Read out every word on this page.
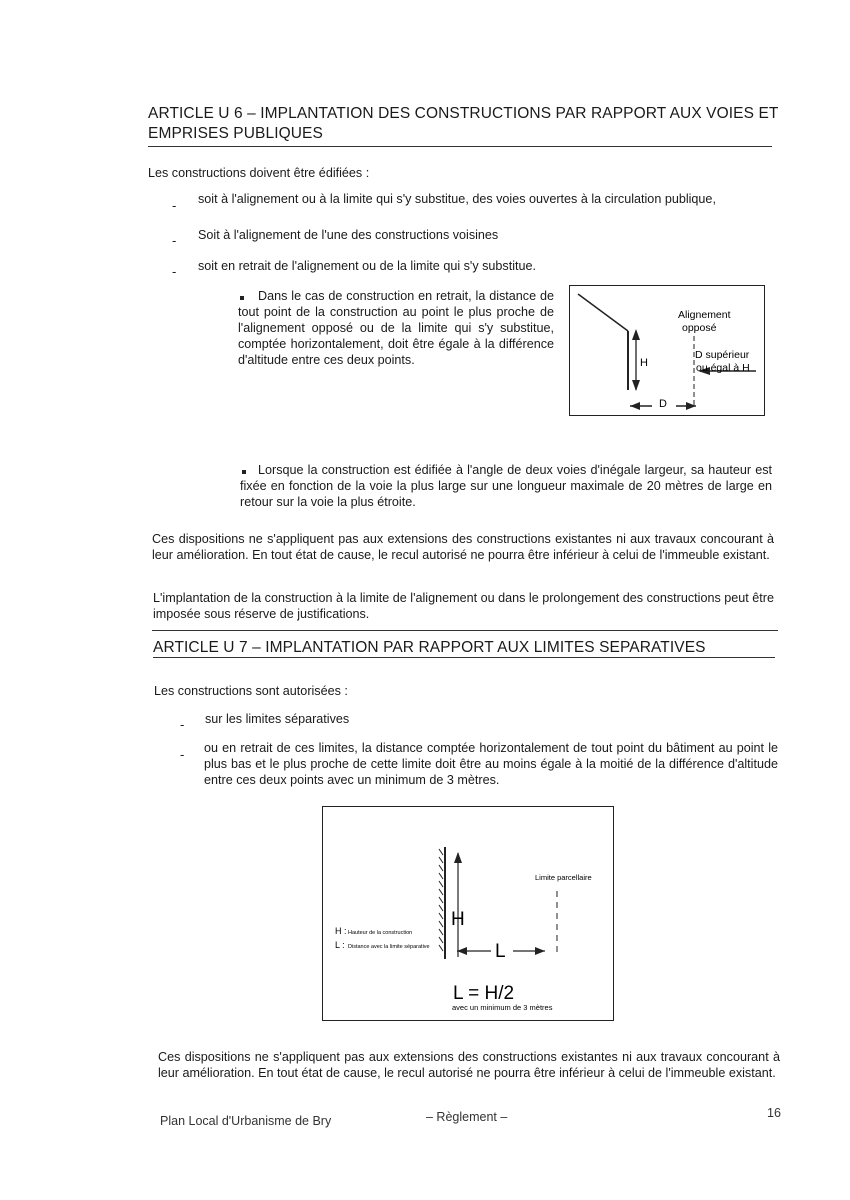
ARTICLE U 6 – IMPLANTATION DES CONSTRUCTIONS PAR RAPPORT AUX VOIES ET
EMPRISES PUBLIQUES
Les constructions doivent être édifiées :
- soit à l'alignement ou à la limite qui s'y substitue, des voies ouvertes à la circulation publique,
- Soit à l'alignement de l'une des constructions voisines
- soit en retrait de l'alignement ou de la limite qui s'y substitue.
Dans le cas de construction en retrait, la distance de tout point de la construction au point le plus proche de l'alignement opposé ou de la limite qui s'y substitue, comptée horizontalement, doit être égale à la différence d'altitude entre ces deux points.
Alignement
opposé
H
D supérieur
ou égal à H
D
Lorsque la construction est édifiée à l'angle de deux voies d'inégale largeur, sa hauteur est fixée en fonction de la voie la plus large sur une longueur maximale de 20 mètres de large en retour sur la voie la plus étroite.
Ces dispositions ne s'appliquent pas aux extensions des constructions existantes ni aux travaux concourant à leur amélioration. En tout état de cause, le recul autorisé ne pourra être inférieur à celui de l'immeuble existant.
L'implantation de la construction à la limite de l'alignement ou dans le prolongement des constructions peut être imposée sous réserve de justifications.
ARTICLE U 7 – IMPLANTATION PAR RAPPORT AUX LIMITES SEPARATIVES
Les constructions sont autorisées :
- sur les limites séparatives
- ou en retrait de ces limites, la distance comptée horizontalement de tout point du bâtiment au point le plus bas et le plus proche de cette limite doit être au moins égale à la moitié de la différence d'altitude entre ces deux points avec un minimum de 3 mètres.
Limite parcellaire
H
H : Hauteur de la construction
L : Distance avec la limite séparative	L
L = H/2
avec un minimum de 3 mètres
Ces dispositions ne s'appliquent pas aux extensions des constructions existantes ni aux travaux concourant à leur amélioration. En tout état de cause, le recul autorisé ne pourra être inférieur à celui de l'immeuble existant.
Plan Local d'Urbanisme de Bry	– Règlement –	16
